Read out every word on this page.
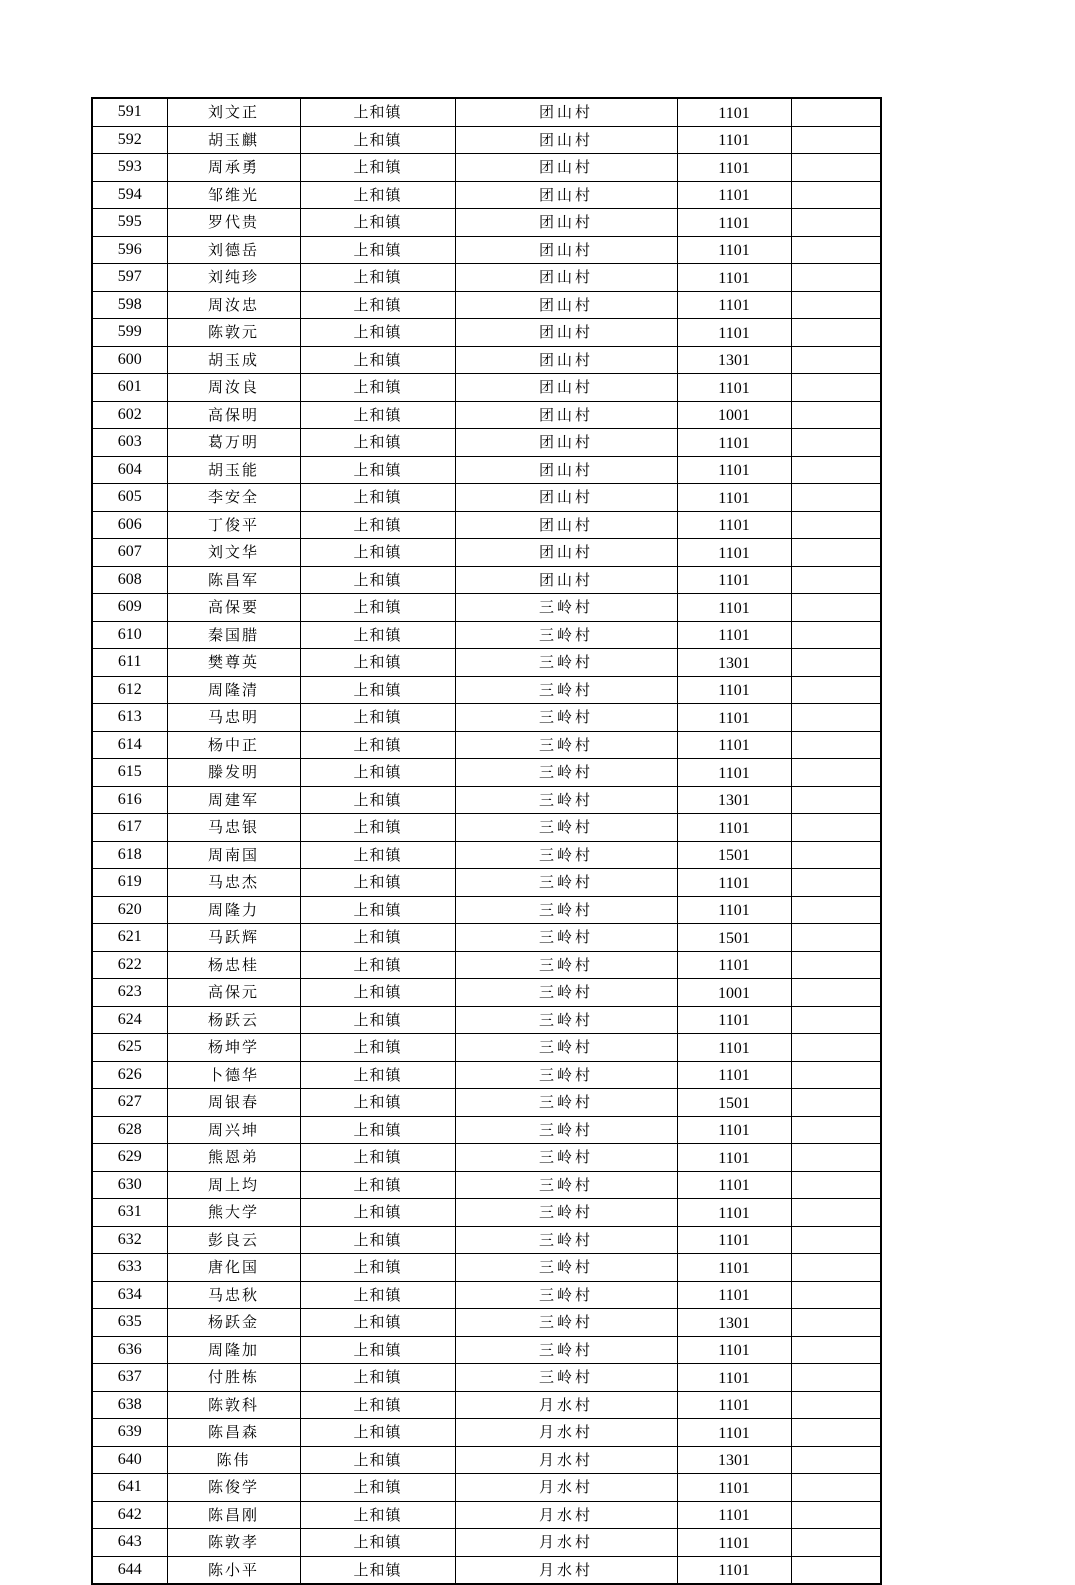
591	刘文正	上和镇	团山村	1101	
592	胡玉麒	上和镇	团山村	1101	
593	周承勇	上和镇	团山村	1101	
594	邹维光	上和镇	团山村	1101	
595	罗代贵	上和镇	团山村	1101	
596	刘德岳	上和镇	团山村	1101	
597	刘纯珍	上和镇	团山村	1101	
598	周汝忠	上和镇	团山村	1101	
599	陈敦元	上和镇	团山村	1101	
600	胡玉成	上和镇	团山村	1301	
601	周汝良	上和镇	团山村	1101	
602	高保明	上和镇	团山村	1001	
603	葛万明	上和镇	团山村	1101	
604	胡玉能	上和镇	团山村	1101	
605	李安全	上和镇	团山村	1101	
606	丁俊平	上和镇	团山村	1101	
607	刘文华	上和镇	团山村	1101	
608	陈昌军	上和镇	团山村	1101	
609	高保要	上和镇	三岭村	1101	
610	秦国腊	上和镇	三岭村	1101	
611	樊尊英	上和镇	三岭村	1301	
612	周隆清	上和镇	三岭村	1101	
613	马忠明	上和镇	三岭村	1101	
614	杨中正	上和镇	三岭村	1101	
615	滕发明	上和镇	三岭村	1101	
616	周建军	上和镇	三岭村	1301	
617	马忠银	上和镇	三岭村	1101	
618	周南国	上和镇	三岭村	1501	
619	马忠杰	上和镇	三岭村	1101	
620	周隆力	上和镇	三岭村	1101	
621	马跃辉	上和镇	三岭村	1501	
622	杨忠桂	上和镇	三岭村	1101	
623	高保元	上和镇	三岭村	1001	
624	杨跃云	上和镇	三岭村	1101	
625	杨坤学	上和镇	三岭村	1101	
626	卜德华	上和镇	三岭村	1101	
627	周银春	上和镇	三岭村	1501	
628	周兴坤	上和镇	三岭村	1101	
629	熊恩弟	上和镇	三岭村	1101	
630	周上均	上和镇	三岭村	1101	
631	熊大学	上和镇	三岭村	1101	
632	彭良云	上和镇	三岭村	1101	
633	唐化国	上和镇	三岭村	1101	
634	马忠秋	上和镇	三岭村	1101	
635	杨跃金	上和镇	三岭村	1301	
636	周隆加	上和镇	三岭村	1101	
637	付胜栋	上和镇	三岭村	1101	
638	陈敦科	上和镇	月水村	1101	
639	陈昌森	上和镇	月水村	1101	
640	陈伟	上和镇	月水村	1301	
641	陈俊学	上和镇	月水村	1101	
642	陈昌刚	上和镇	月水村	1101	
643	陈敦孝	上和镇	月水村	1101	
644	陈小平	上和镇	月水村	1101	
